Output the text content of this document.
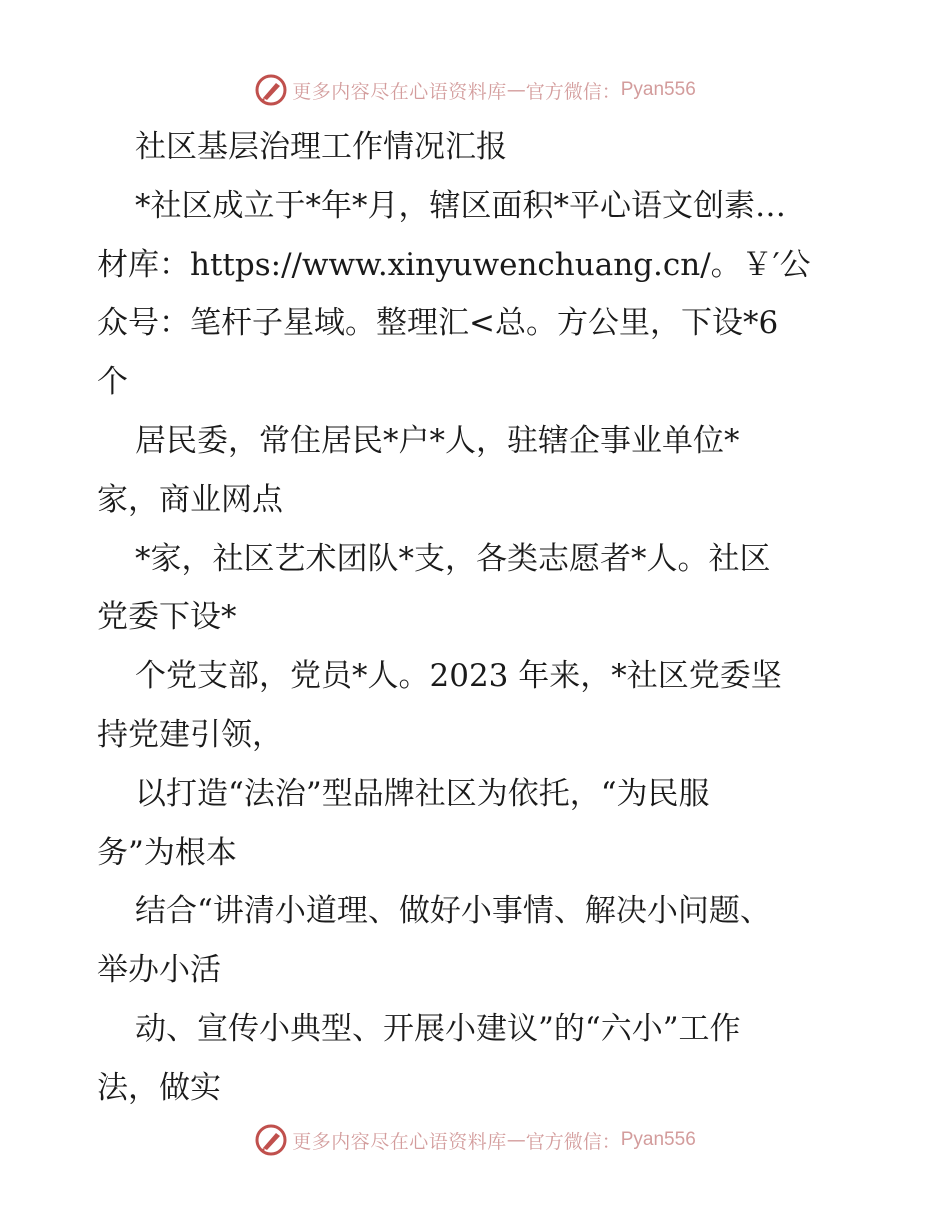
更多内容尽在心语资料库 — 官方微信： Pyan556
社区基层治理工作情况汇报
*社区成立于*年*月，辖区面积*平心语文创素…
材库：https://www.xinyuwenchuang.cn/。￥′公
众号：笔杆子星域。整理汇<总。方公里，下设*6
个
居民委，常住居民*户*人，驻辖企事业单位*
家，商业网点
*家，社区艺术团队*支，各类志愿者*人。社区
党委下设*
个党支部，党员*人。2023 年来，*社区党委坚
持党建引领，
以打造“法治”型品牌社区为依托，“为民服
务”为根本
结合“讲清小道理、做好小事情、解决小问题、
举办小活
动、宣传小典型、开展小建议”的“六小”工作
法，做实
更多内容尽在心语资料库 — 官方微信： Pyan556
